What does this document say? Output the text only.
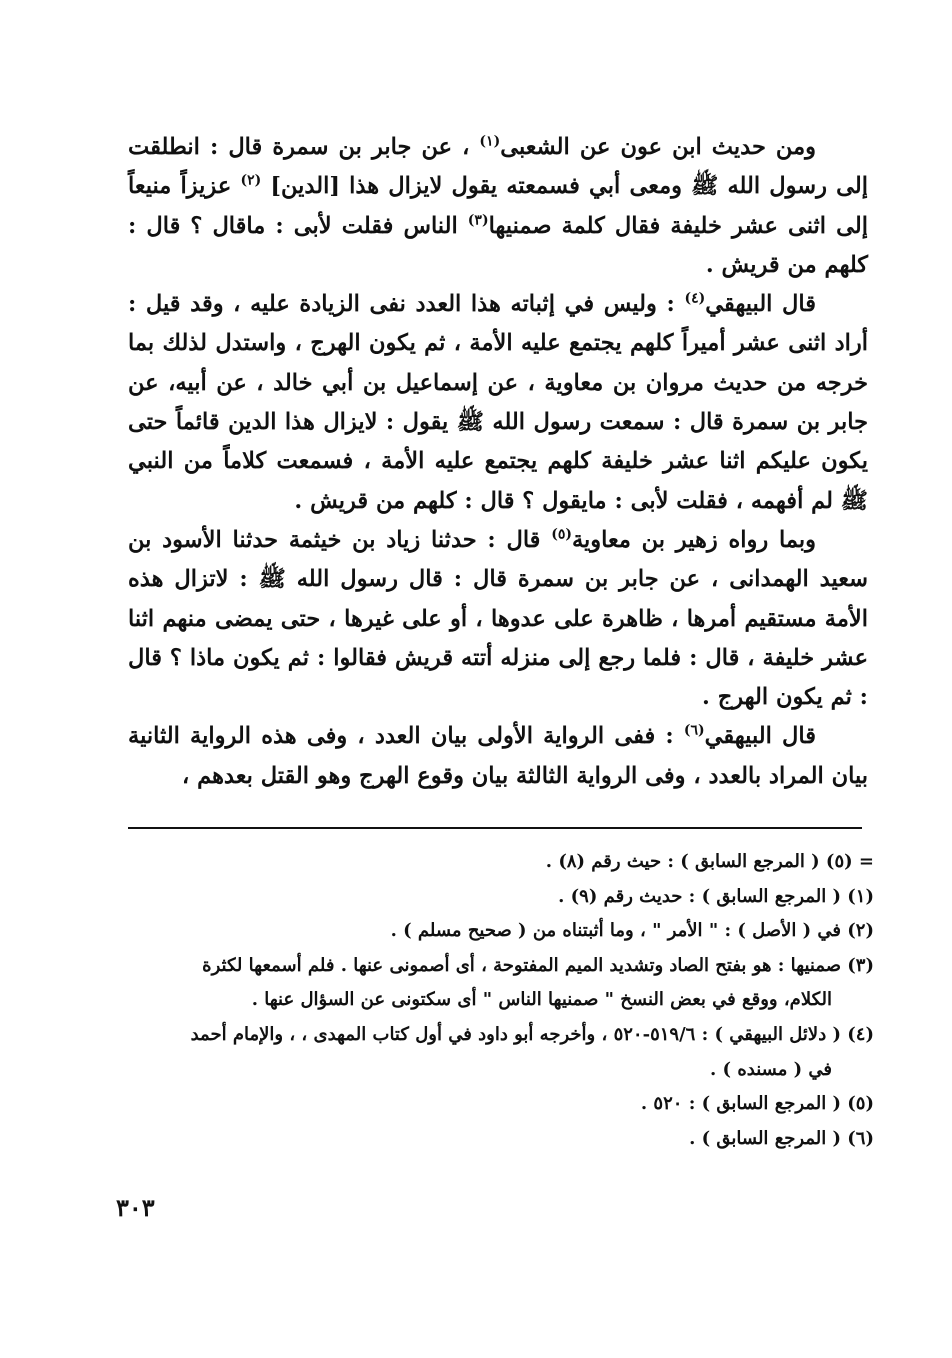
ومن حديث ابن عون عن الشعبى$^{(١)}$ ، عن جابر بن سمرة قال : انطلقت إلى رسول الله ﷺ ومعى أبي فسمعته يقول لايزال هذا [الدين] $^{(٢)}$ عزيزاً منيعاً إلى اثنى عشر خليفة فقال كلمة صمنيها$^{(٣)}$ الناس فقلت لأبى : ماقال ؟ قال : كلهم من قريش .

قال البيهقي$^{(٤)}$ : وليس في إثباته هذا العدد نفى الزيادة عليه ، وقد قيل : أراد اثنى عشر أميراً كلهم يجتمع عليه الأمة ، ثم يكون الهرج ، واستدل لذلك بما خرجه من حديث مروان بن معاوية ، عن إسماعيل بن أبي خالد ، عن أبيه، عن جابر بن سمرة قال : سمعت رسول الله ﷺ يقول : لايزال هذا الدين قائماً حتى يكون عليكم اثنا عشر خليفة كلهم يجتمع عليه الأمة ، فسمعت كلاماً من النبي ﷺ لم أفهمه ، فقلت لأبى : مايقول ؟ قال : كلهم من قريش .

وبما رواه زهير بن معاوية$^{(٥)}$ قال : حدثنا زياد بن خيثمة حدثنا الأسود بن سعيد الهمدانى ، عن جابر بن سمرة قال : قال رسول الله ﷺ : لاتزال هذه الأمة مستقيم أمرها ، ظاهرة على عدوها ، أو على غيرها ، حتى يمضى منهم اثنا عشر خليفة ، قال : فلما رجع إلى منزله أتته قريش فقالوا : ثم يكون ماذا ؟ قال : ثم يكون الهرج .

قال البيهقي$^{(٦)}$ : ففى الرواية الأولى بيان العدد ، وفى هذه الرواية الثانية بيان المراد بالعدد ، وفى الرواية الثالثة بيان وقوع الهرج وهو القتل بعدهم ،

= (٥) ( المرجع السابق ) : حيث رقم (٨) .
(١) ( المرجع السابق ) : حديث رقم (٩) .
(٢) في ( الأصل ) : " الأمر " ، وما أثبتناه من ( صحيح مسلم ) .
(٣) صمنيها : هو بفتح الصاد وتشديد الميم المفتوحة ، أى أصمونى عنها . فلم أسمعها لكثرة
الكلام، ووقع في بعض النسخ " صمنيها الناس " أى سكتونى عن السؤال عنها .
(٤) ( دلائل البيهقي ) : ٥١٩/٦-٥٢٠ ، وأخرجه أبو داود في أول كتاب المهدى ، ، والإمام أحمد
في ( مسنده ) .
(٥) ( المرجع السابق ) : ٥٢٠ .
(٦) ( المرجع السابق ) .
٣٠٣
